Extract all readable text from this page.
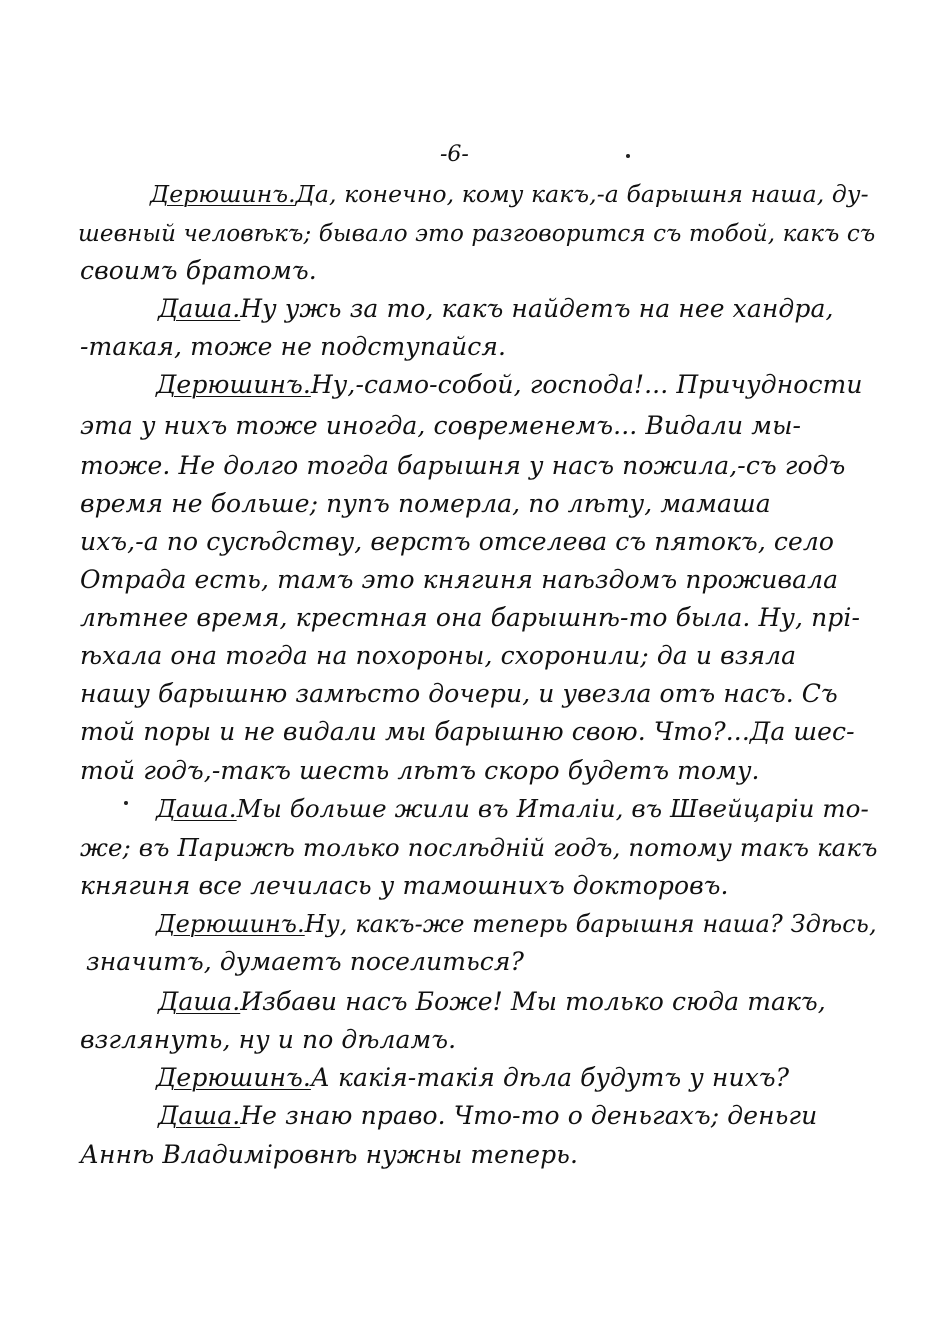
-6-
Дерюшинъ.Да, конечно, кому какъ,-а барышня наша, ду-
шевный человѣкъ; бывало это разговорится съ тобой, какъ съ
своимъ братомъ.
Даша.Ну ужь за то, какъ найдетъ на нее хандра,
-такая, тоже не подступайся.
Дерюшинъ.Ну,-само-собой, господа!... Причудности
эта у нихъ тоже иногда, современемъ... Видали мы-
тоже. Не долго тогда барышня у насъ пожила,-съ годъ
время не больше; пупъ померла, по лѣту, мамаша
ихъ,-а по сусѣдству, верстъ отселева съ пятокъ, село
Отрада есть, тамъ это княгиня наѣздомъ проживала
лѣтнее время, крестная она барышнѣ-то была. Ну, прі-
ѣхала она тогда на похороны, схоронили; да и взяла
нашу барышню замѣсто дочери, и увезла отъ насъ. Съ
той поры и не видали мы барышню свою. Что?...Да шес-
той годъ,-такъ шесть лѣтъ скоро будетъ тому.
Даша.Мы больше жили въ Италіи, въ Швейцаріи то-
же; въ Парижѣ только послѣдній годъ, потому такъ какъ
княгиня все лечилась у тамошнихъ докторовъ.
Дерюшинъ.Ну, какъ-же теперь барышня наша? Здѣсь,
значитъ, думаетъ поселиться?
Даша.Избави насъ Боже! Мы только сюда такъ,
взглянуть, ну и по дѣламъ.
Дерюшинъ.А какія-такія дѣла будутъ у нихъ?
Даша.Не знаю право. Что-то о деньгахъ; деньги
Аннѣ Владиміровнѣ нужны теперь.
